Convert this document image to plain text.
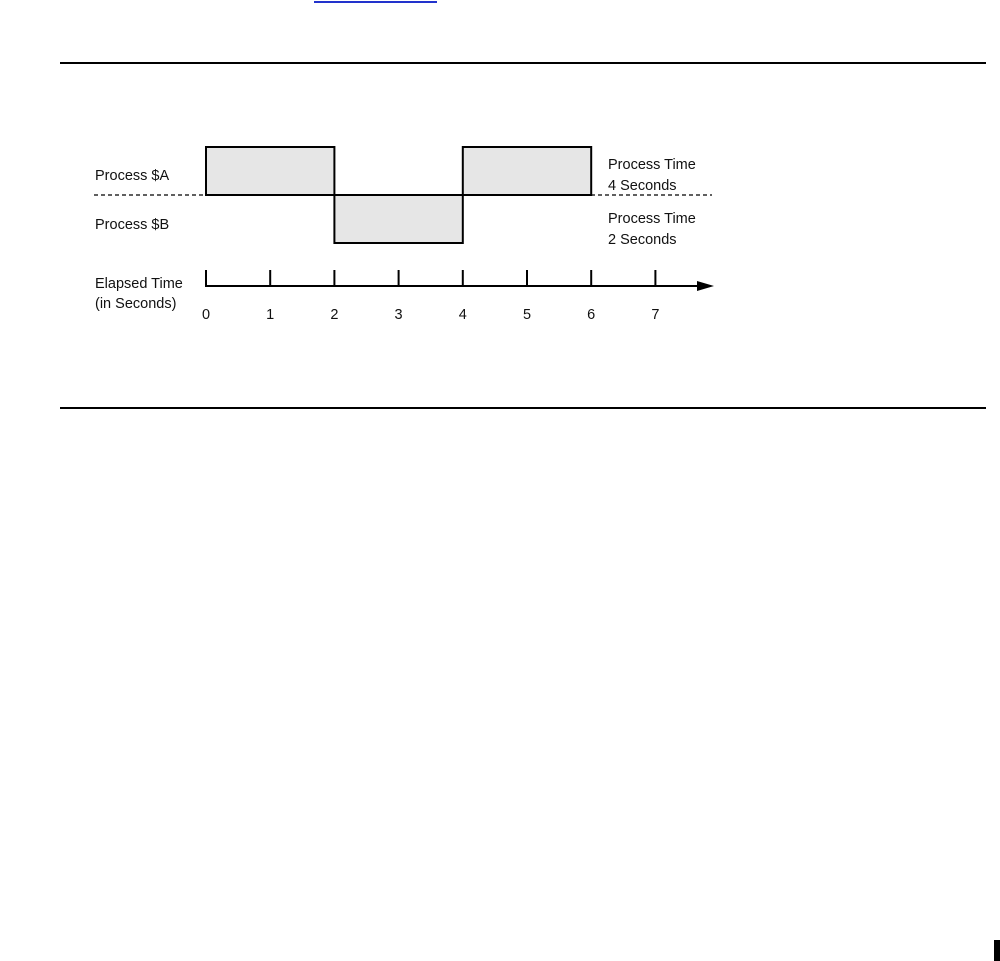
Process $A
Process $B
Process Time
4 Seconds
Process Time
2 Seconds
Elapsed Time
(in Seconds)
0	1	2	3	4	5	6	7
